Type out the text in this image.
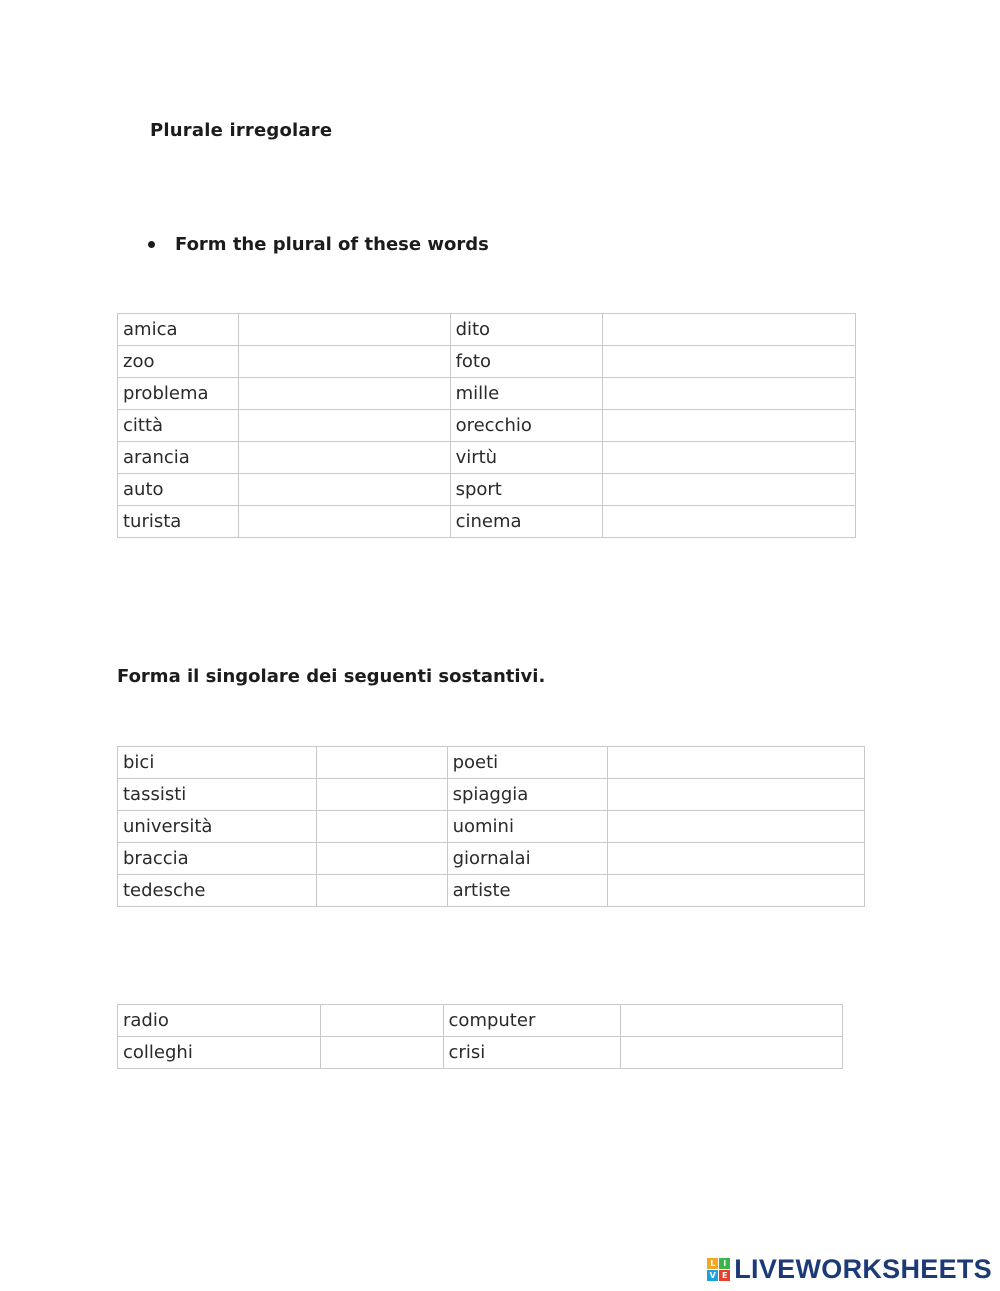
Plurale irregolare
Form the plural of these words
amica		dito	
zoo		foto	
problema		mille	
città		orecchio	
arancia		virtù	
auto		sport	
turista		cinema	
Forma il singolare dei seguenti sostantivi.
bici		poeti	
tassisti		spiaggia	
università		uomini	
braccia		giornalai	
tedesche		artiste	
radio		computer	
colleghi		crisi	
L I
V E LIVEWORKSHEETS
